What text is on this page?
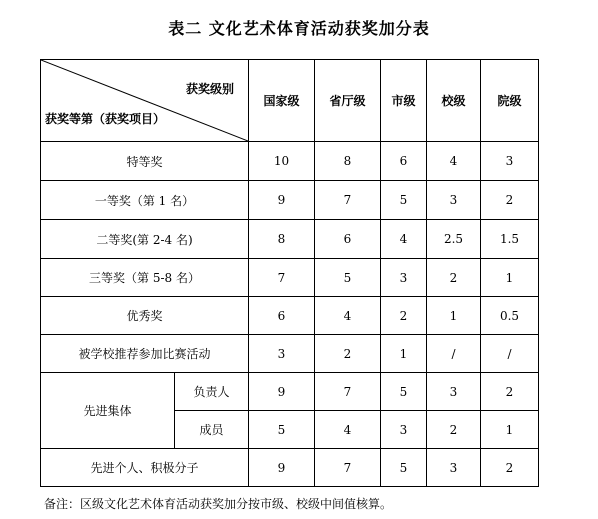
表二 文化艺术体育活动获奖加分表
获奖级别
获奖等第（获奖项目）		国家级	省厅级	市级	校级	院级
特等奖		10	8	6	4	3
一等奖（第 1 名）		9	7	5	3	2
二等奖(第 2-4 名)		8	6	4	2.5	1.5
三等奖（第 5-8 名）		7	5	3	2	1
优秀奖		6	4	2	1	0.5
被学校推荐参加比赛活动		3	2	1	/	/
先进集体	负责人	9	7	5	3	2
	成员	5	4	3	2	1
先进个人、积极分子		9	7	5	3	2
备注：区级文化艺术体育活动获奖加分按市级、校级中间值核算。
